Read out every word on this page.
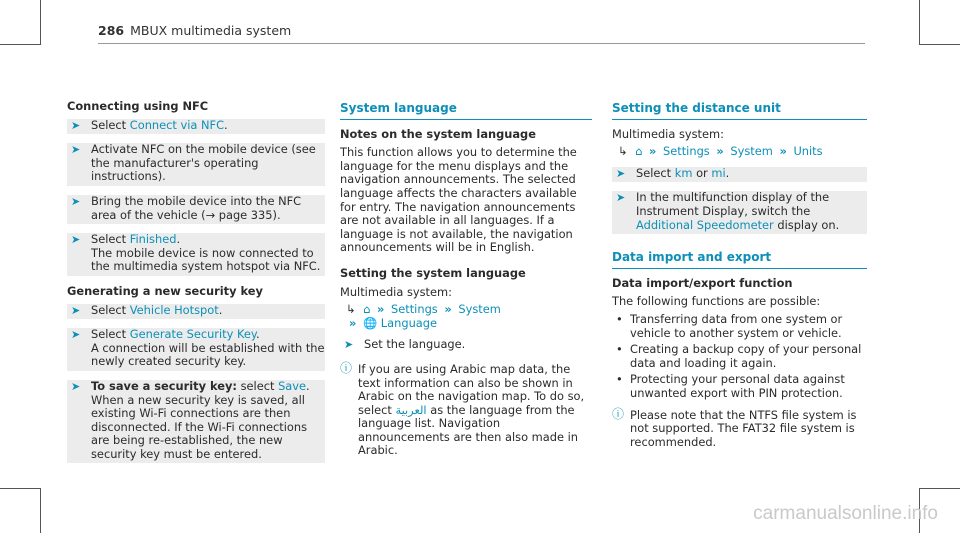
286 MBUX multimedia system
Connecting using NFC
➤ Select Connect via NFC.
➤ Activate NFC on the mobile device (see the manufacturer's operating instructions).
➤ Bring the mobile device into the NFC area of the vehicle (→ page 335).
➤ Select Finished.
The mobile device is now connected to the multimedia system hotspot via NFC.
Generating a new security key
➤ Select Vehicle Hotspot.
➤ Select Generate Security Key.
A connection will be established with the newly created security key.
➤ To save a security key: select Save.
When a new security key is saved, all existing Wi-Fi connections are then disconnected. If the Wi-Fi connections are being re-established, the new security key must be entered.
System language
Notes on the system language

This function allows you to determine the language for the menu displays and the navigation announcements. The selected language affects the characters available for entry. The navigation announcements are not available in all languages. If a language is not available, the navigation announcements will be in English.

Setting the system language

Multimedia system:

↳ ⌂ » Settings » System
» 🌐 Language
➤ Set the language.
ⓘ If you are using Arabic map data, the text information can also be shown in Arabic on the navigation map. To do so, select العربية as the language from the language list. Navigation announcements are then also made in Arabic.
Setting the distance unit

Multimedia system:

↳ ⌂ » Settings » System » Units
➤ Select km or mi.
➤ In the multifunction display of the Instrument Display, switch the Additional Speedometer display on.
Data import and export
Data import/export function

The following functions are possible:

• Transferring data from one system or vehicle to another system or vehicle.
• Creating a backup copy of your personal data and loading it again.
• Protecting your personal data against unwanted export with PIN protection.
ⓘ Please note that the NTFS file system is not supported. The FAT32 file system is recommended.
carmanualsonline.info
